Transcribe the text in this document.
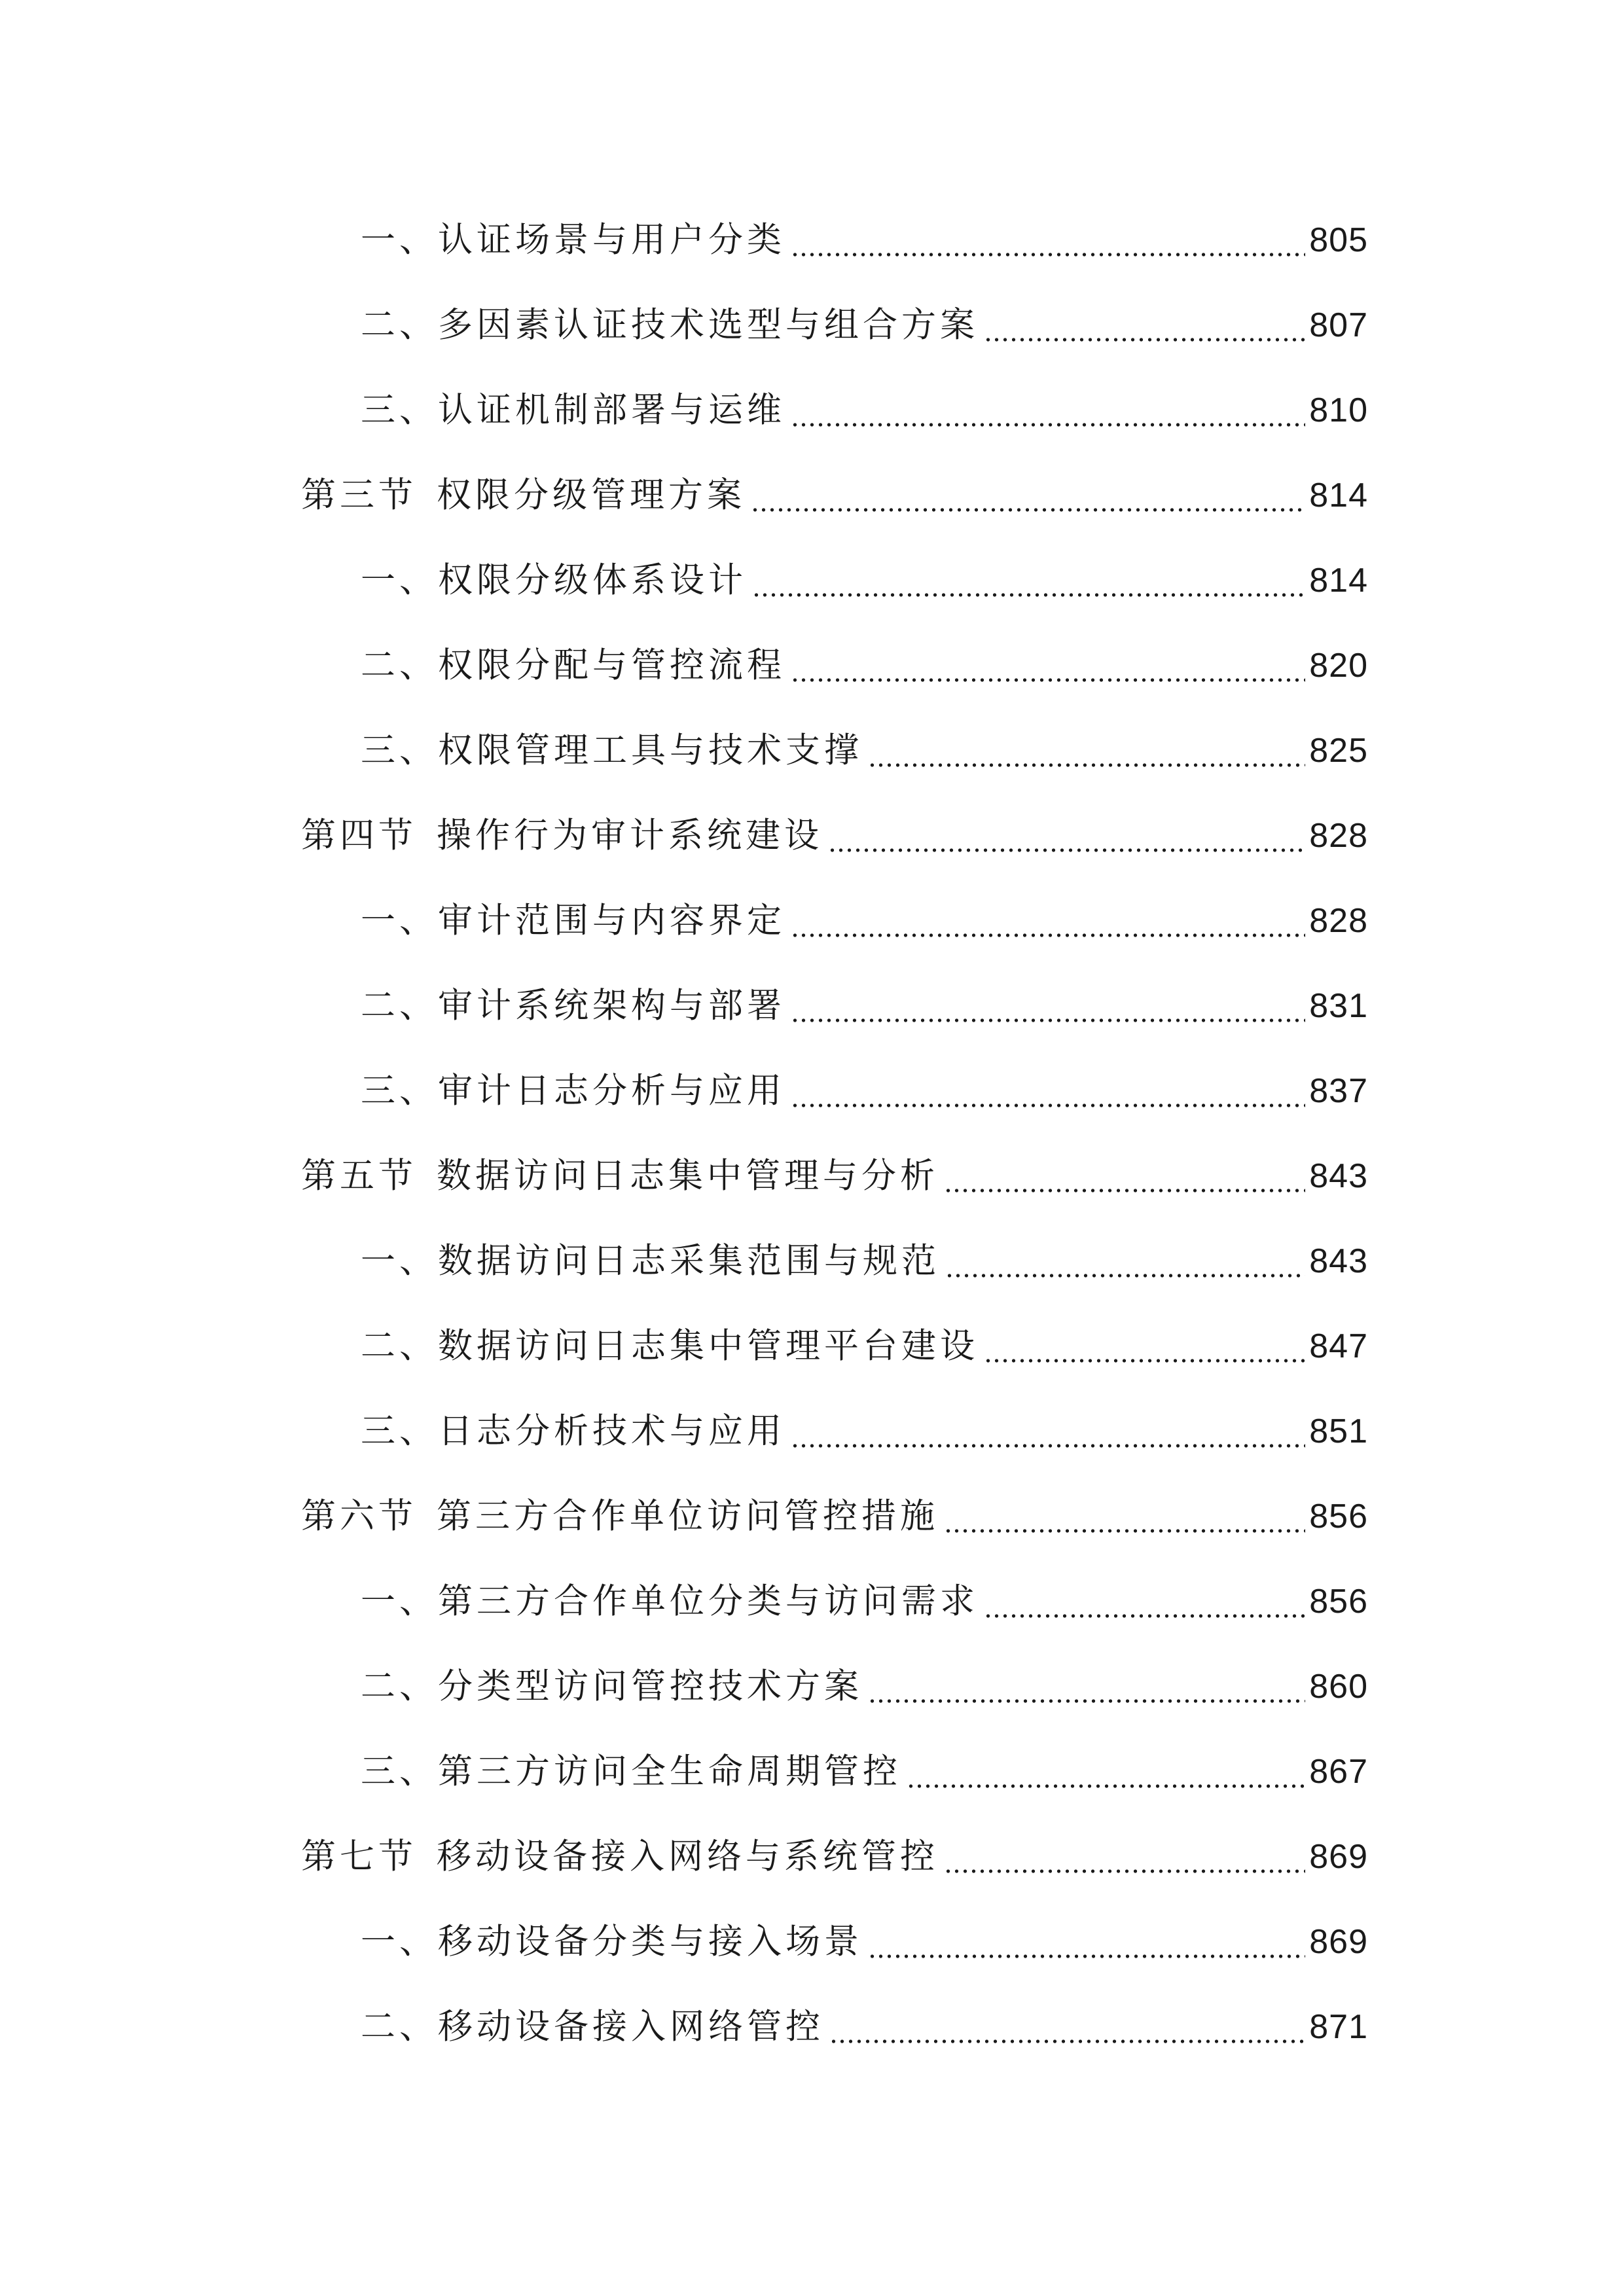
一、认证场景与用户分类	805
二、多因素认证技术选型与组合方案	807
三、认证机制部署与运维	810
第三节 权限分级管理方案	814
一、权限分级体系设计	814
二、权限分配与管控流程	820
三、权限管理工具与技术支撑	825
第四节 操作行为审计系统建设	828
一、审计范围与内容界定	828
二、审计系统架构与部署	831
三、审计日志分析与应用	837
第五节 数据访问日志集中管理与分析	843
一、数据访问日志采集范围与规范	843
二、数据访问日志集中管理平台建设	847
三、日志分析技术与应用	851
第六节 第三方合作单位访问管控措施	856
一、第三方合作单位分类与访问需求	856
二、分类型访问管控技术方案	860
三、第三方访问全生命周期管控	867
第七节 移动设备接入网络与系统管控	869
一、移动设备分类与接入场景	869
二、移动设备接入网络管控	871
